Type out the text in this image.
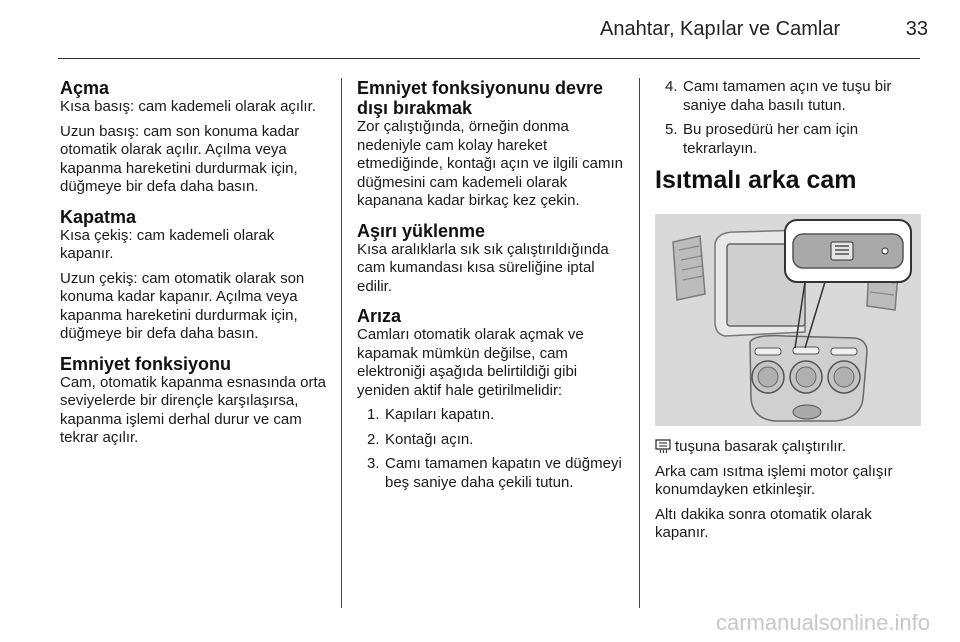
Anahtar, Kapılar ve Camlar	33
Açma

Kısa basış: cam kademeli olarak açılır.

Uzun basış: cam son konuma kadar otomatik olarak açılır. Açılma veya kapanma hareketini durdurmak için, düğmeye bir defa daha basın.

Kapatma

Kısa çekiş: cam kademeli olarak kapanır.

Uzun çekiş: cam otomatik olarak son konuma kadar kapanır. Açılma veya kapanma hareketini durdurmak için, düğmeye bir defa daha basın.

Emniyet fonksiyonu

Cam, otomatik kapanma esnasında orta seviyelerde bir dirençle karşılaşırsa, kapanma işlemi derhal durur ve cam tekrar açılır.

Emniyet fonksiyonunu devre dışı bırakmak

Zor çalıştığında, örneğin donma nedeniyle cam kolay hareket etmediğinde, kontağı açın ve ilgili camın düğmesini cam kademeli olarak kapanana kadar birkaç kez çekin.

Aşırı yüklenme

Kısa aralıklarla sık sık çalıştırıldığında cam kumandası kısa süreliğine iptal edilir.

Arıza

Camları otomatik olarak açmak ve kapamak mümkün değilse, cam elektroniği aşağıda belirtildiği gibi yeniden aktif hale getirilmelidir:

1. Kapıları kapatın.
2. Kontağı açın.
3. Camı tamamen kapatın ve düğmeyi beş saniye daha çekili tutun.
4. Camı tamamen açın ve tuşu bir saniye daha basılı tutun.
5. Bu prosedürü her cam için tekrarlayın.
Isıtmalı arka cam

tuşuna basarak çalıştırılır.

Arka cam ısıtma işlemi motor çalışır konumdayken etkinleşir.

Altı dakika sonra otomatik olarak kapanır.

carmanualsonline.info
